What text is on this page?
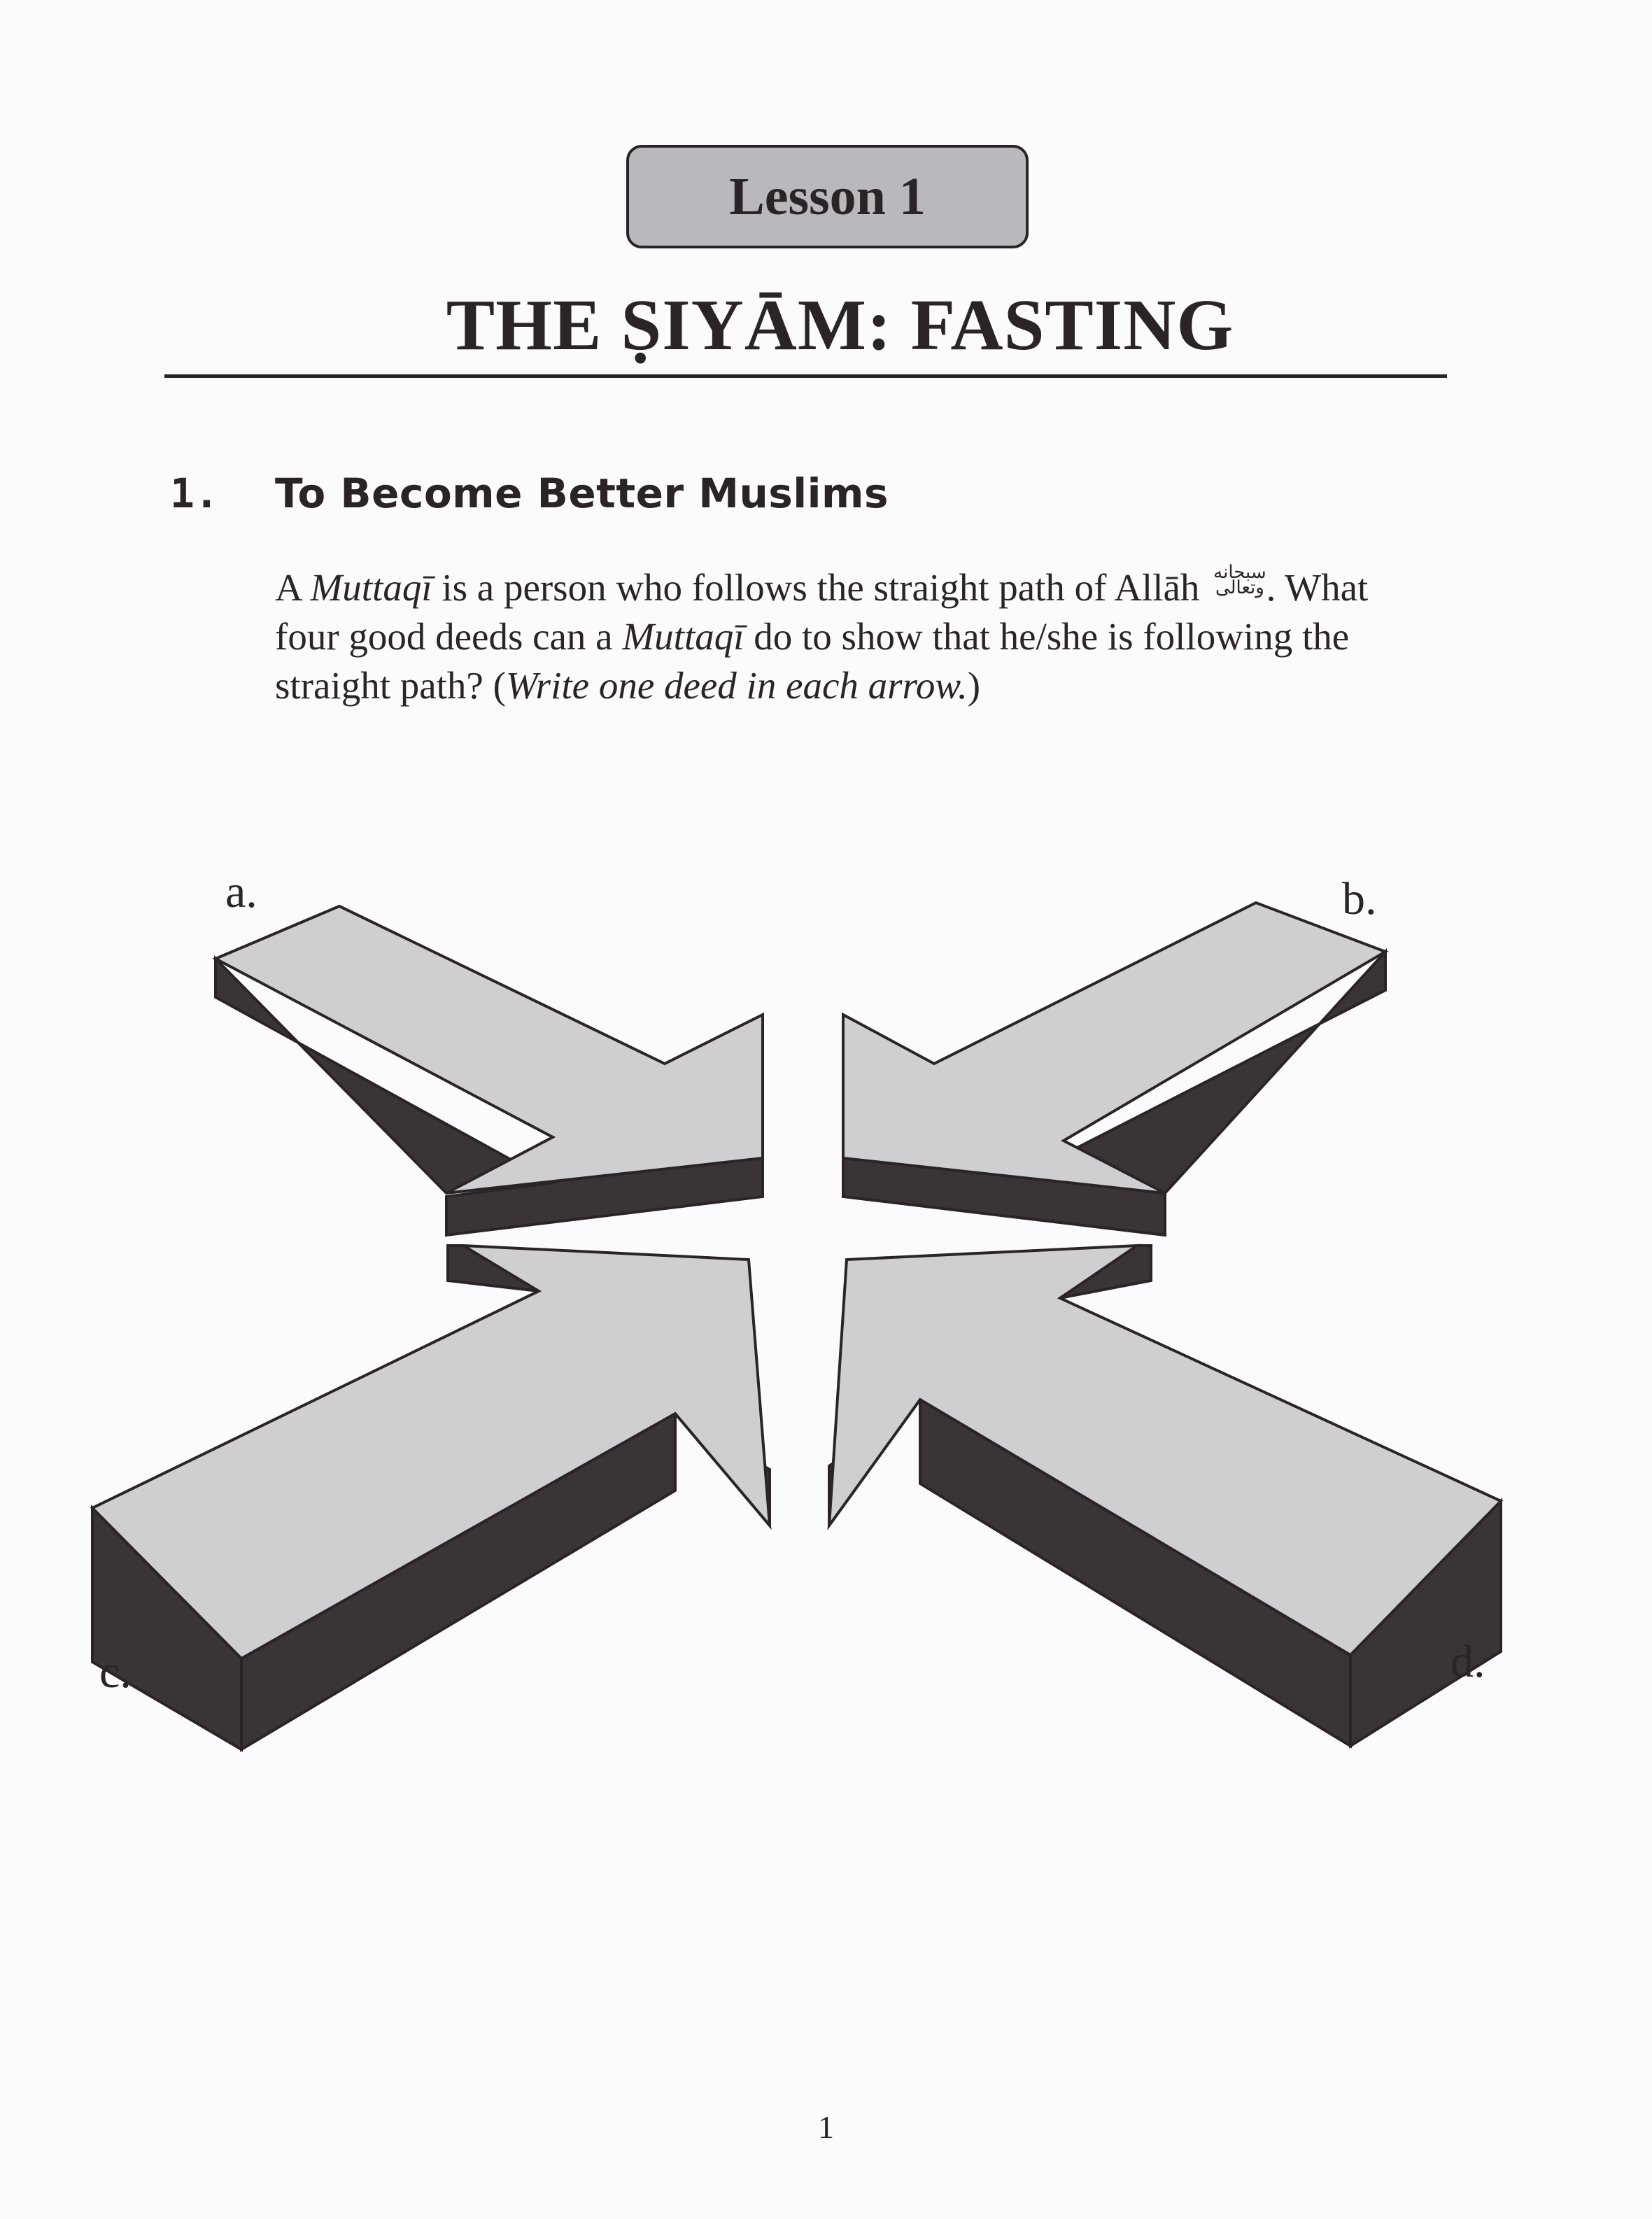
Lesson 1
THE ṢIYĀM: FASTING
1. To Become Better Muslims
A Muttaqī is a person who follows the straight path of Allāh سبحانه
وتعالى . What
four good deeds can a Muttaqī do to show that he/she is following the
straight path? (Write one deed in each arrow.)
a.	b.
c.	d.
1
